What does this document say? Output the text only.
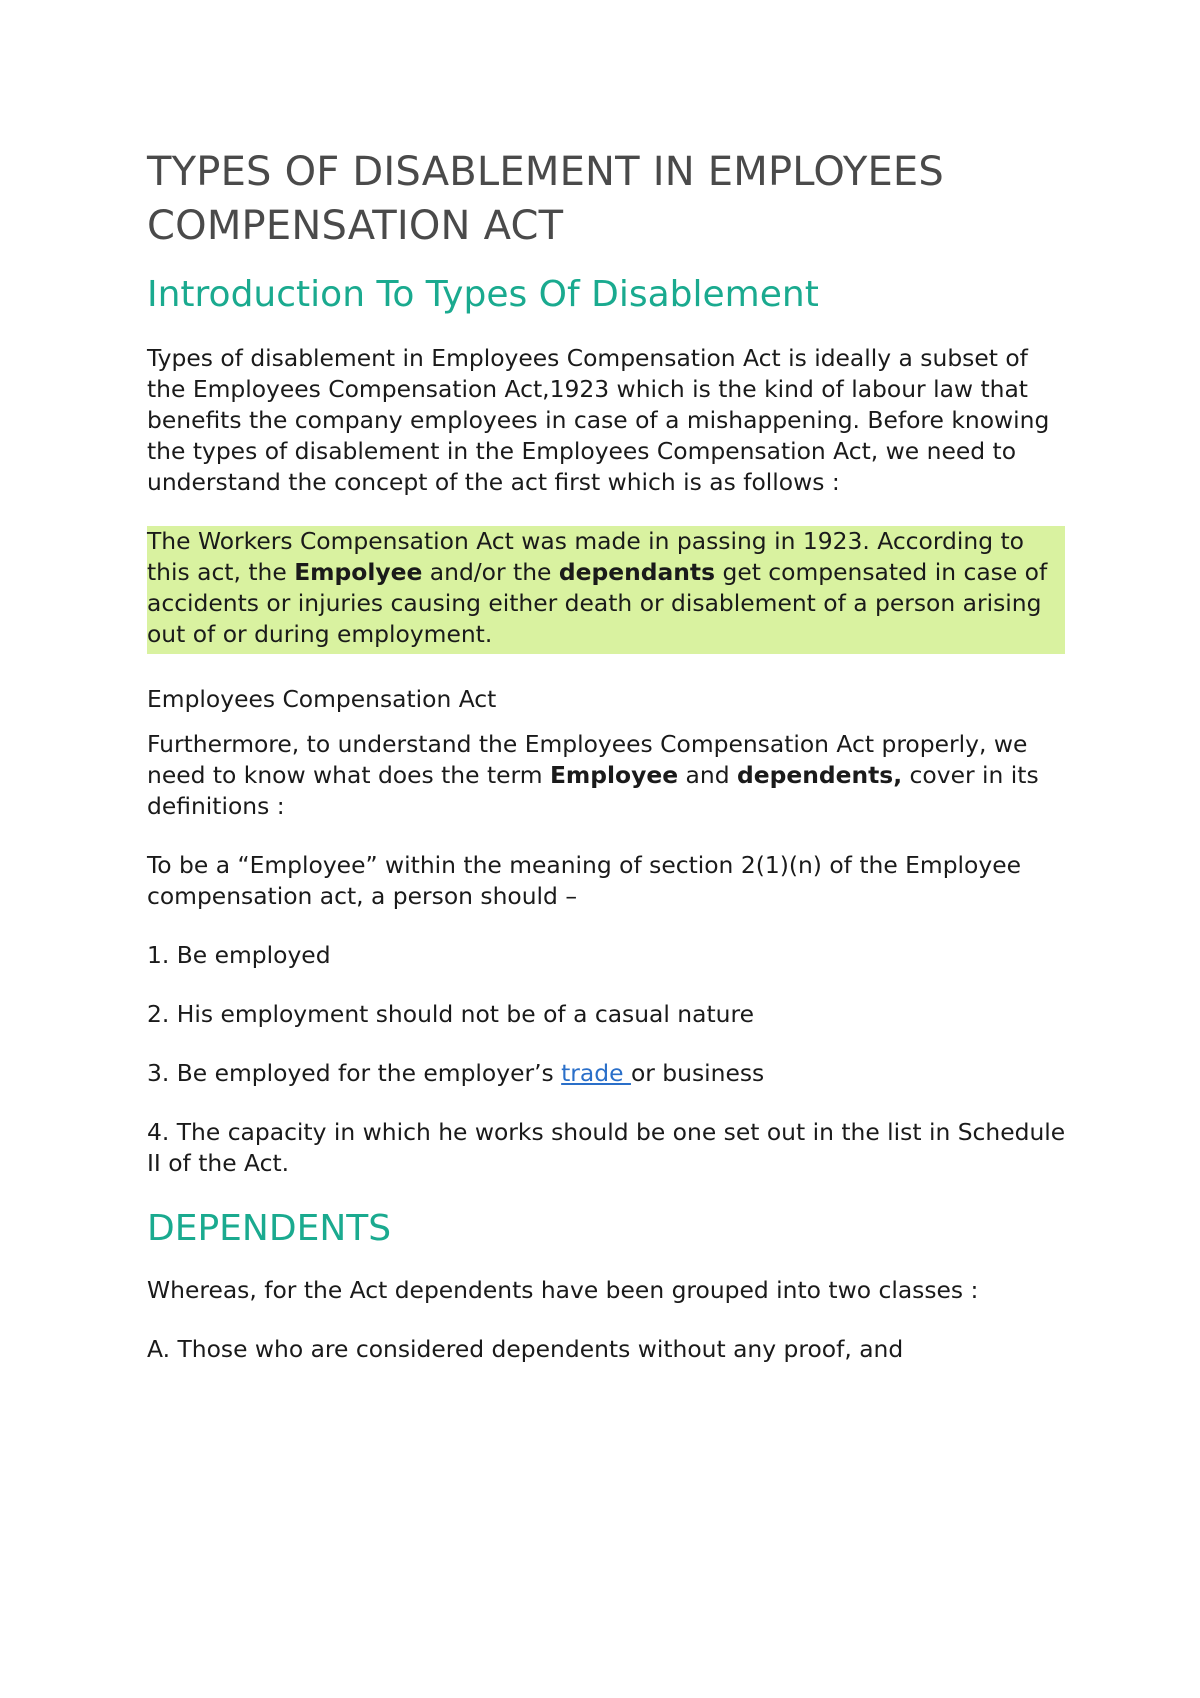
TYPES OF DISABLEMENT IN EMPLOYEES COMPENSATION ACT
Introduction To Types Of Disablement

Types of disablement in Employees Compensation Act is ideally a subset of the Employees Compensation Act,1923 which is the kind of labour law that benefits the company employees in case of a mishappening. Before knowing the types of disablement in the Employees Compensation Act, we need to understand the concept of the act first which is as follows :

The Workers Compensation Act was made in passing in 1923. According to this act, the Empolyee and/or the dependants get compensated in case of accidents or injuries causing either death or disablement of a person arising out of or during employment.

Employees Compensation Act

Furthermore, to understand the Employees Compensation Act properly, we need to know what does the term Employee and dependents, cover in its definitions :

To be a “Employee” within the meaning of section 2(1)(n) of the Employee compensation act, a person should –

1. Be employed

2. His employment should not be of a casual nature

3. Be employed for the employer’s trade or business

4. The capacity in which he works should be one set out in the list in Schedule II of the Act.

DEPENDENTS

Whereas, for the Act dependents have been grouped into two classes :

A. Those who are considered dependents without any proof, and
